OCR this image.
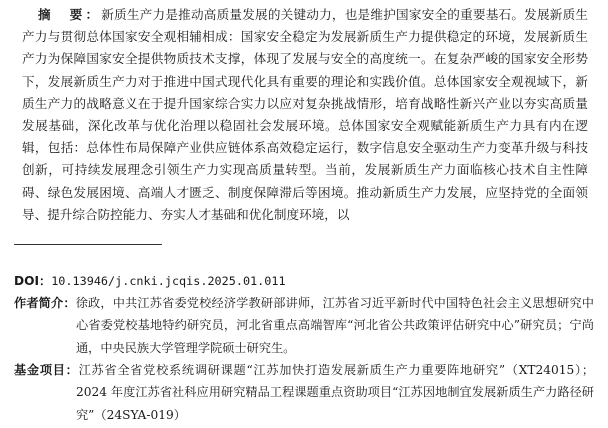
摘　要：新质生产力是推动高质量发展的关键动力，也是维护国家安全的重要基石。发展新质生产力与贯彻总体国家安全观相辅相成：国家安全稳定为发展新质生产力提供稳定的环境，发展新质生产力为保障国家安全提供物质技术支撑，体现了发展与安全的高度统一。在复杂严峻的国家安全形势下，发展新质生产力对于推进中国式现代化具有重要的理论和实践价值。总体国家安全观视域下，新质生产力的战略意义在于提升国家综合实力以应对复杂挑战情形，培育战略性新兴产业以夯实高质量发展基础，深化改革与优化治理以稳固社会发展环境。总体国家安全观赋能新质生产力具有内在逻辑，包括：总体性布局保障产业供应链体系高效稳定运行，数字信息安全驱动生产力变革升级与科技创新，可持续发展理念引领生产力实现高质量转型。当前，发展新质生产力面临核心技术自主性障碍、绿色发展困境、高端人才匮乏、制度保障滞后等困境。推动新质生产力发展，应坚持党的全面领导、提升综合防控能力、夯实人才基础和优化制度环境，以

DOI：10.13946/j.cnki.jcqis.2025.01.011

作者简介：徐政，中共江苏省委党校经济学教研部讲师，江苏省习近平新时代中国特色社会主义思想研究中心省委党校基地特约研究员，河北省重点高端智库“河北省公共政策评估研究中心”研究员；宁尚通，中央民族大学管理学院硕士研究生。

基金项目：江苏省全省党校系统调研课题“江苏加快打造发展新质生产力重要阵地研究”（XT24015）；2024 年度江苏省社科应用研究精品工程课题重点资助项目“江苏因地制宜发展新质生产力路径研究”（24SYA-019）
